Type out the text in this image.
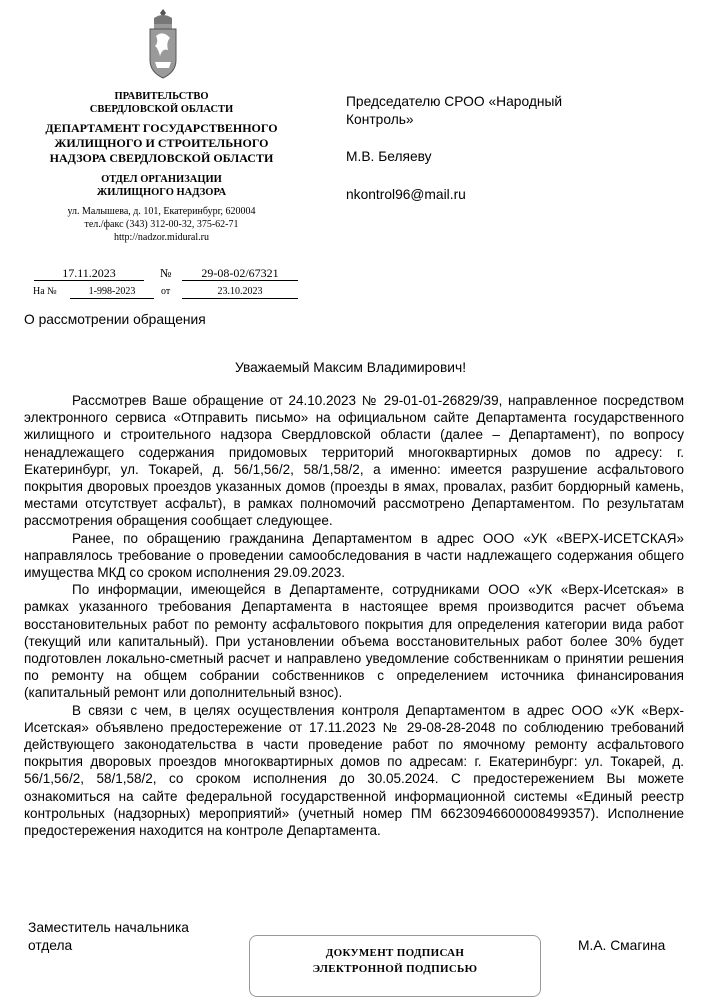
ПРАВИТЕЛЬСТВО
СВЕРДЛОВСКОЙ ОБЛАСТИ
ДЕПАРТАМЕНТ ГОСУДАРСТВЕННОГО
ЖИЛИЩНОГО И СТРОИТЕЛЬНОГО
НАДЗОРА СВЕРДЛОВСКОЙ ОБЛАСТИ
ОТДЕЛ ОРГАНИЗАЦИИ
ЖИЛИЩНОГО НАДЗОРА
ул. Малышева, д. 101, Екатеринбург, 620004
тел./факс (343) 312-00-32, 375-62-71
http://nadzor.midural.ru
17.11.2023	№	29-08-02/67321
На №	1-998-2023	от	23.10.2023
Председателю СРОО «Народный
Контроль»
М.В. Беляеву
nkontrol96@mail.ru
О рассмотрении обращения
Уважаемый Максим Владимирович!

Рассмотрев Ваше обращение от 24.10.2023 № 29-01-01-26829/39, направленное посредством электронного сервиса «Отправить письмо» на официальном сайте Департамента государственного жилищного и строительного надзора Свердловской области (далее – Департамент), по вопросу ненадлежащего содержания придомовых территорий многоквартирных домов по адресу: г. Екатеринбург, ул. Токарей, д. 56/1,56/2, 58/1,58/2, а именно: имеется разрушение асфальтового покрытия дворовых проездов указанных домов (проезды в ямах, провалах, разбит бордюрный камень, местами отсутствует асфальт), в рамках полномочий рассмотрено Департаментом. По результатам рассмотрения обращения сообщает следующее.

Ранее, по обращению гражданина Департаментом в адрес ООО «УК «ВЕРХ-ИСЕТСКАЯ» направлялось требование о проведении самообследования в части надлежащего содержания общего имущества МКД со сроком исполнения 29.09.2023.

По информации, имеющейся в Департаменте, сотрудниками ООО «УК «Верх-Исетская» в рамках указанного требования Департамента в настоящее время производится расчет объема восстановительных работ по ремонту асфальтового покрытия для определения категории вида работ (текущий или капитальный). При установлении объема восстановительных работ более 30% будет подготовлен локально-сметный расчет и направлено уведомление собственникам о принятии решения по ремонту на общем собрании собственников с определением источника финансирования (капитальный ремонт или дополнительный взнос).

В связи с чем, в целях осуществления контроля Департаментом в адрес ООО «УК «Верх-Исетская» объявлено предостережение от 17.11.2023 № 29-08-28-2048 по соблюдению требований действующего законодательства в части проведение работ по ямочному ремонту асфальтового покрытия дворовых проездов многоквартирных домов по адресам: г. Екатеринбург: ул. Токарей, д. 56/1,56/2, 58/1,58/2, со сроком исполнения до 30.05.2024. С предостережением Вы можете ознакомиться на сайте федеральной государственной информационной системы «Единый реестр контрольных (надзорных) мероприятий» (учетный номер ПМ 66230946600008499357). Исполнение предостережения находится на контроле Департамента.

Заместитель начальника
отдела	ДОКУМЕНТ ПОДПИСАН
ЭЛЕКТРОННОЙ ПОДПИСЬЮ
М.А. Смагина
